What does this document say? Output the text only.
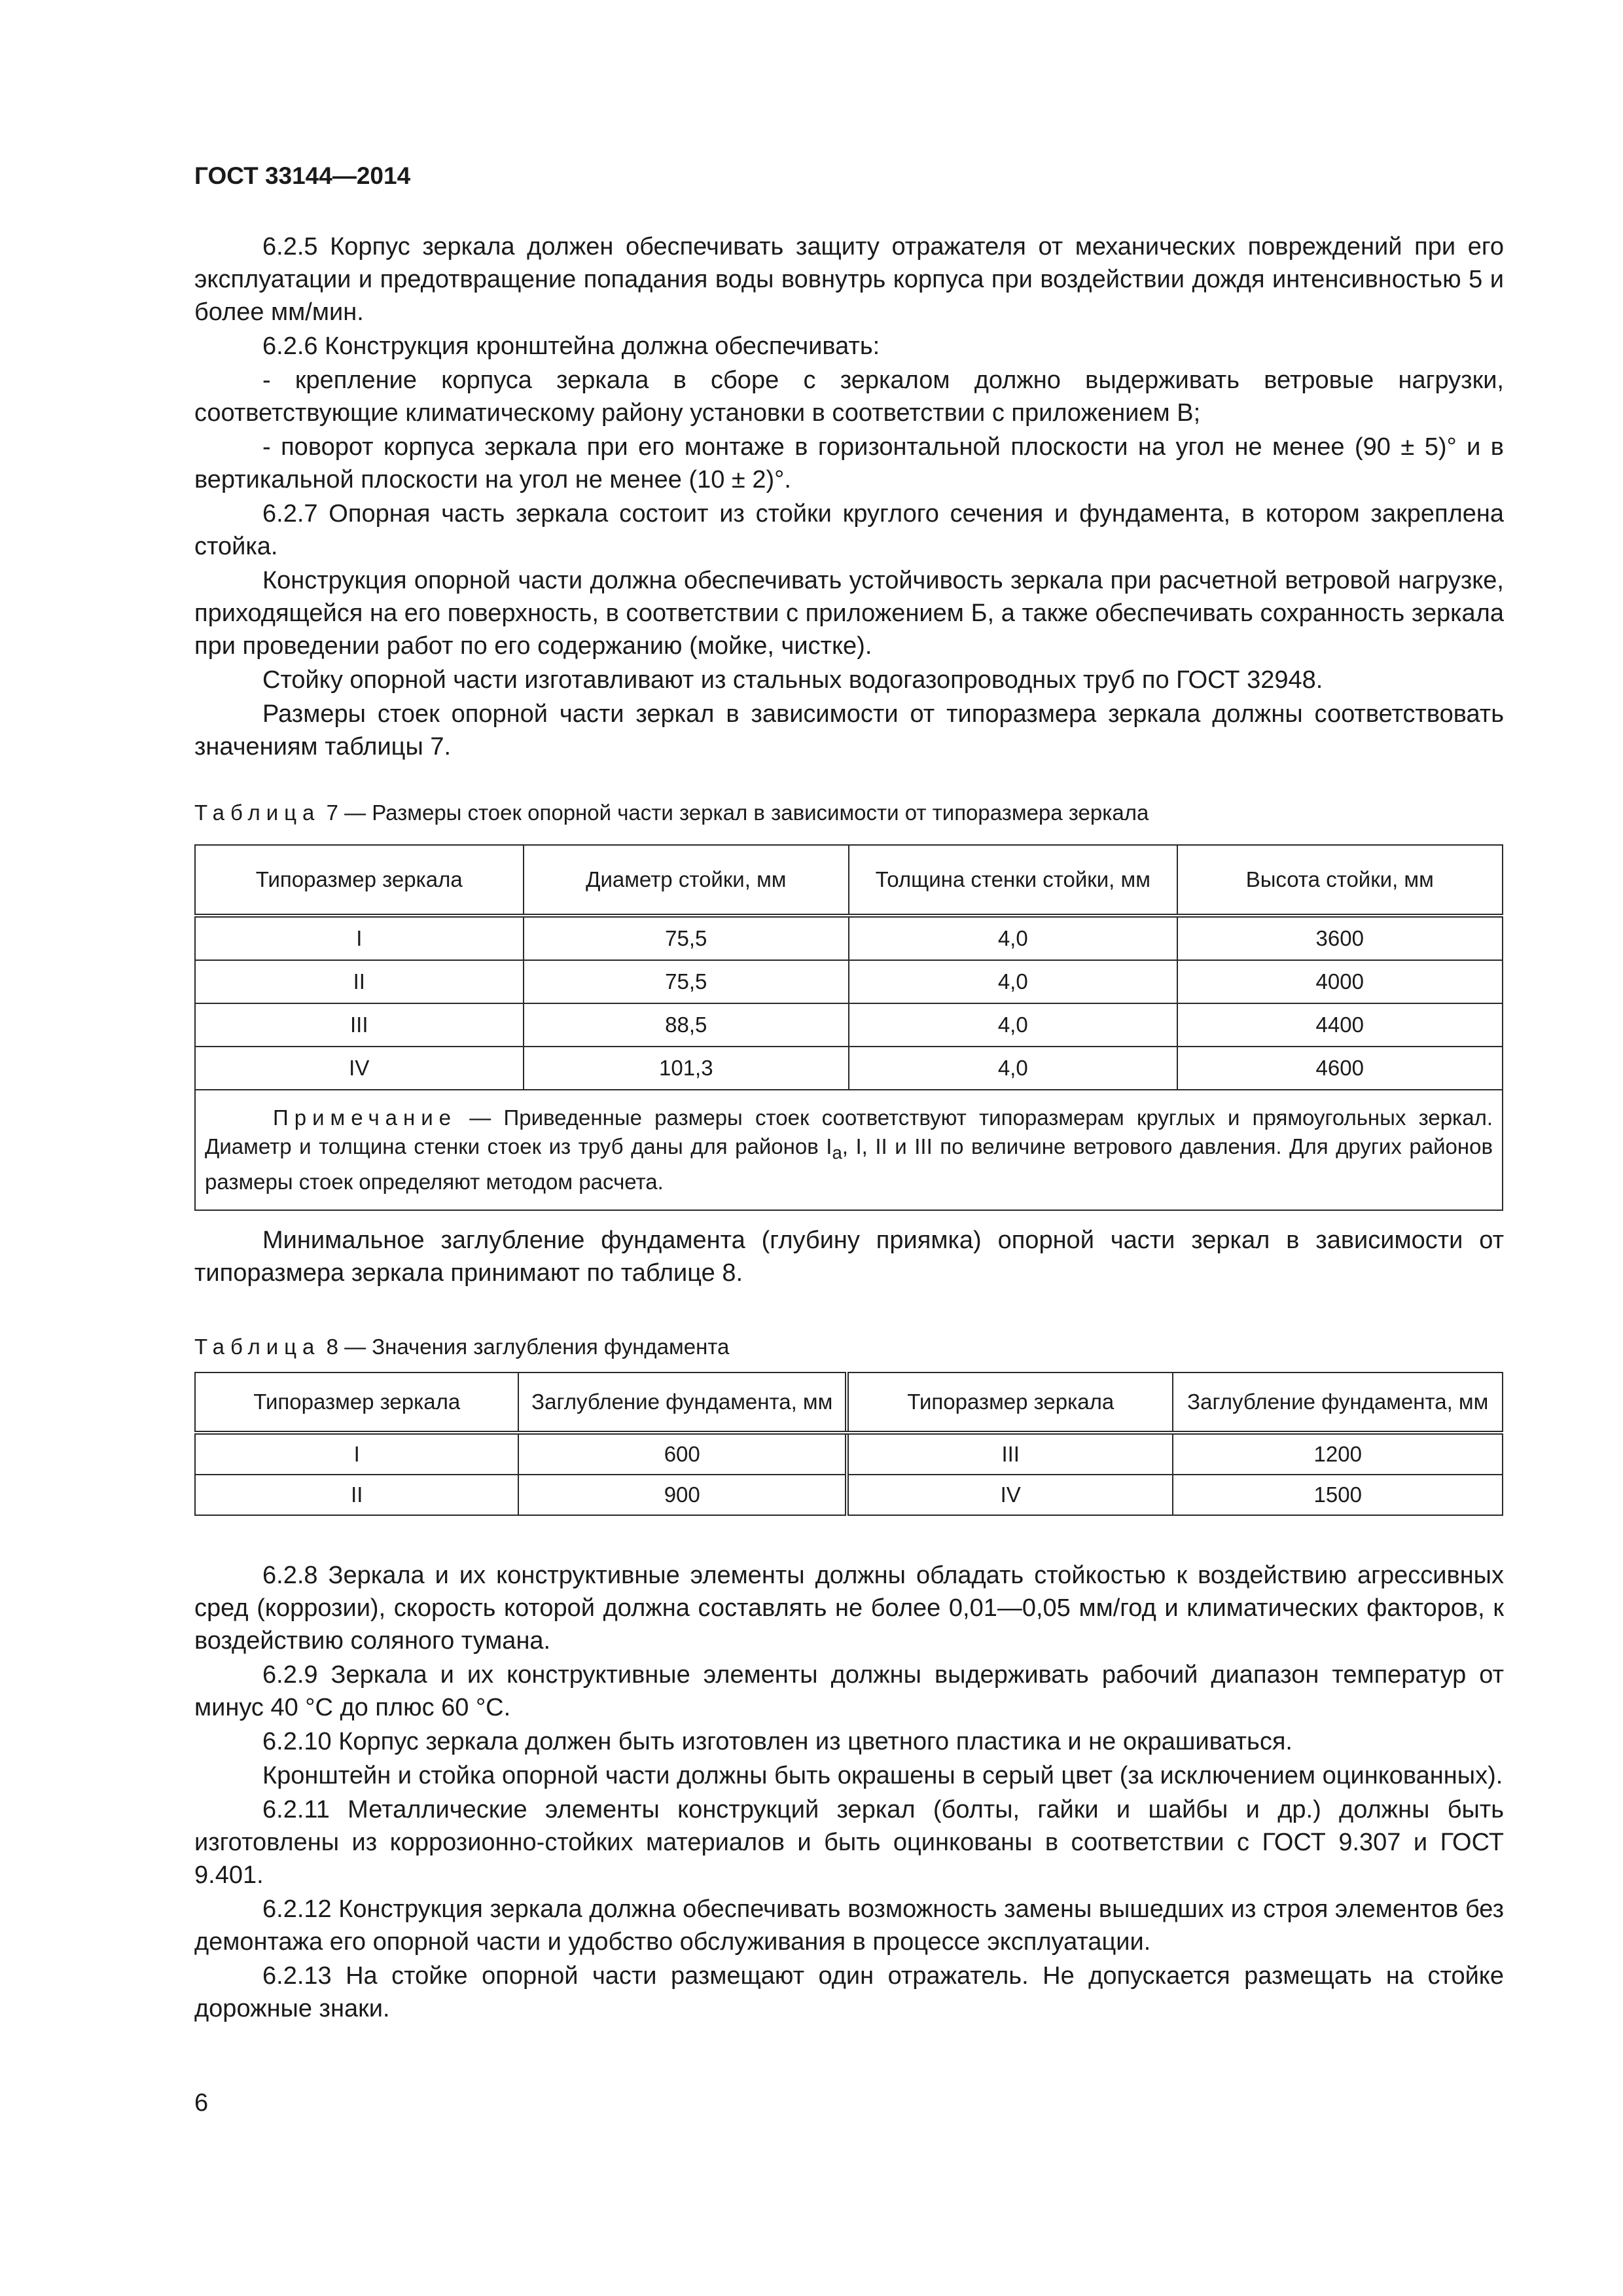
ГОСТ 33144—2014

6.2.5 Корпус зеркала должен обеспечивать защиту отражателя от механических повреждений при его эксплуатации и предотвращение попадания воды вовнутрь корпуса при воздействии дождя интенсивностью 5 и более мм/мин.

6.2.6 Конструкция кронштейна должна обеспечивать:

- крепление корпуса зеркала в сборе с зеркалом должно выдерживать ветровые нагрузки, соответствующие климатическому району установки в соответствии с приложением В;

- поворот корпуса зеркала при его монтаже в горизонтальной плоскости на угол не менее (90 ± 5)° и в вертикальной плоскости на угол не менее (10 ± 2)°.

6.2.7 Опорная часть зеркала состоит из стойки круглого сечения и фундамента, в котором закреплена стойка.

Конструкция опорной части должна обеспечивать устойчивость зеркала при расчетной ветровой нагрузке, приходящейся на его поверхность, в соответствии с приложением Б, а также обеспечивать сохранность зеркала при проведении работ по его содержанию (мойке, чистке).

Стойку опорной части изготавливают из стальных водогазопроводных труб по ГОСТ 32948.

Размеры стоек опорной части зеркал в зависимости от типоразмера зеркала должны соответствовать значениям таблицы 7.

Таблица 7 — Размеры стоек опорной части зеркал в зависимости от типоразмера зеркала

Типоразмер зеркала	Диаметр стойки, мм	Толщина стенки стойки, мм	Высота стойки, мм
I	75,5	4,0	3600
II	75,5	4,0	4000
III	88,5	4,0	4400
IV	101,3	4,0	4600

Примечание — Приведенные размеры стоек соответствуют типоразмерам круглых и прямоугольных зеркал. Диаметр и толщина стенки стоек из труб даны для районов $I_а$, I, II и III по величине ветрового давления. Для других районов размеры стоек определяют методом расчета.			

Минимальное заглубление фундамента (глубину приямка) опорной части зеркал в зависимости от типоразмера зеркала принимают по таблице 8.

Таблица 8 — Значения заглубления фундамента

Типоразмер зеркала	Заглубление фундамента, мм	Типоразмер зеркала	Заглубление фундамента, мм
I	600	III	1200
II	900	IV	1500

6.2.8 Зеркала и их конструктивные элементы должны обладать стойкостью к воздействию агрессивных сред (коррозии), скорость которой должна составлять не более 0,01—0,05 мм/год и климатических факторов, к воздействию соляного тумана.

6.2.9 Зеркала и их конструктивные элементы должны выдерживать рабочий диапазон температур от минус 40 °С до плюс 60 °С.

6.2.10 Корпус зеркала должен быть изготовлен из цветного пластика и не окрашиваться.

Кронштейн и стойка опорной части должны быть окрашены в серый цвет (за исключением оцинкованных).

6.2.11 Металлические элементы конструкций зеркал (болты, гайки и шайбы и др.) должны быть изготовлены из коррозионно-стойких материалов и быть оцинкованы в соответствии с ГОСТ 9.307 и ГОСТ 9.401.

6.2.12 Конструкция зеркала должна обеспечивать возможность замены вышедших из строя элементов без демонтажа его опорной части и удобство обслуживания в процессе эксплуатации.

6.2.13 На стойке опорной части размещают один отражатель. Не допускается размещать на стойке дорожные знаки.

6
